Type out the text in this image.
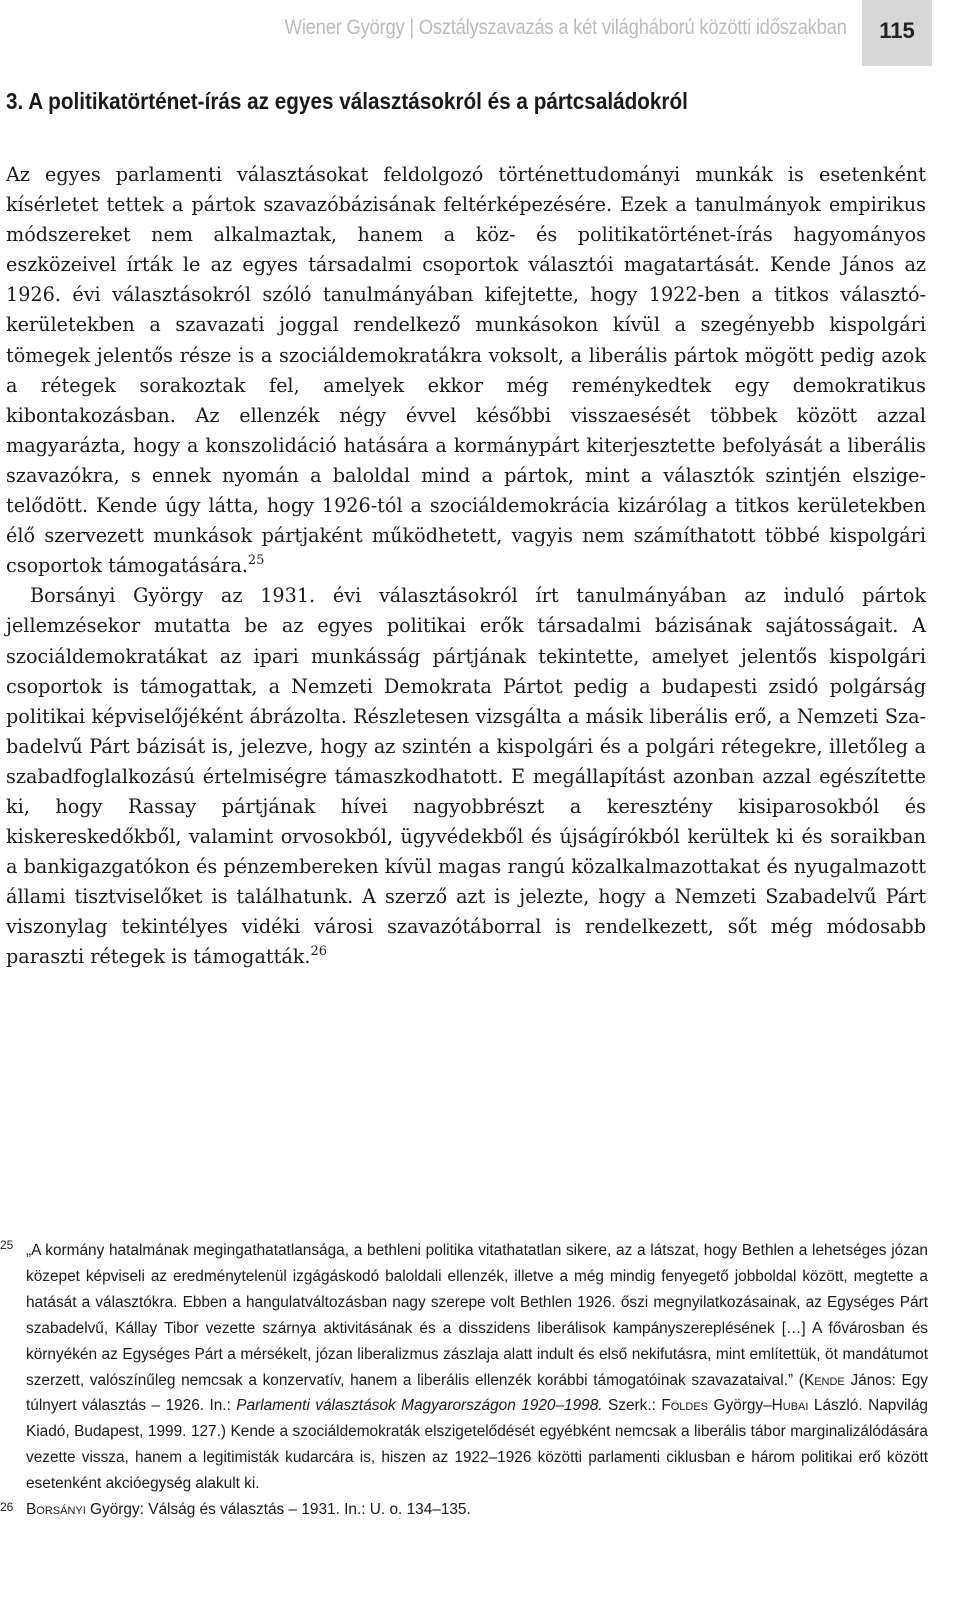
Wiener György | Osztályszavazás a két világháború közötti időszakban	115
3. A politikatörténet-írás az egyes választásokról és a pártcsaládokról

Az egyes parlamenti választásokat feldolgozó történettudományi munkák is esetenként kísérletet tettek a pártok szavazóbázisának feltérképezésére. Ezek a tanulmányok empirikus módszereket nem alkalmaztak, hanem a köz- és politikatörténet-írás hagyományos eszközeivel írták le az egyes társadalmi csoportok választói magatartását. Kende János az 1926. évi választásokról szóló tanulmányában kifejtette, hogy 1922-ben a titkos választókerületekben a szavazati joggal rendelkező munkásokon kívül a szegényebb kispolgári tömegek jelentős része is a szociáldemokratákra voksolt, a liberális pártok mögött pedig azok a rétegek sorakoztak fel, amelyek ekkor még reménykedtek egy demokratikus kibontakozásban. Az ellenzék négy évvel későbbi visszaesését többek között azzal magyarázta, hogy a konszolidáció hatására a kormánypárt kiterjesztette befolyását a liberális szavazókra, s ennek nyomán a baloldal mind a pártok, mint a választók szintjén elszigetelődött. Kende úgy látta, hogy 1926-tól a szociáldemokrácia kizárólag a titkos kerületekben élő szervezett munkások pártjaként működhetett, vagyis nem számíthatott többé kispolgári csoportok támogatására.$^{25}$

Borsányi György az 1931. évi választásokról írt tanulmányában az induló pártok jellemzésekor mutatta be az egyes politikai erők társadalmi bázisának sajátosságait. A szociáldemokratákat az ipari munkásság pártjának tekintette, amelyet jelentős kispolgári csoportok is támogattak, a Nemzeti Demokrata Pártot pedig a budapesti zsidó polgárság politikai képviselőjéként ábrázolta. Részletesen vizsgálta a másik liberális erő, a Nemzeti Szabadelvű Párt bázisát is, jelezve, hogy az szintén a kispolgári és a polgári rétegekre, illetőleg a szabadfoglalkozású értelmiségre támaszkodhatott. E megállapítást azonban azzal egészítette ki, hogy Rassay pártjának hívei nagyobbrészt a keresztény kisiparosokból és kiskereskedőkből, valamint orvosokból, ügyvédekből és újságírókból kerültek ki és soraikban a bankigazgatókon és pénzembereken kívül magas rangú közalkalmazottakat és nyugalmazott állami tisztviselőket is találhatunk. A szerző azt is jelezte, hogy a Nemzeti Szabadelvű Párt viszonylag tekintélyes vidéki városi szavazótáborral is rendelkezett, sőt még módosabb paraszti rétegek is támogatták.$^{26}$

25 „A kormány hatalmának megingathatatlansága, a bethleni politika vitathatatlan sikere, az a látszat, hogy Bethlen a lehetséges józan közepet képviseli az eredménytelenül izgágáskodó baloldali ellenzék, illetve a még mindig fenyegető jobboldal között, megtette a hatását a választókra. Ebben a hangulatváltozásban nagy szerepe volt Bethlen 1926. őszi megnyilatkozásainak, az Egységes Párt szabadelvű, Kállay Tibor vezette szárnya aktivitásának és a disszidens liberálisok kampányszereplésének […] A fővárosban és környékén az Egységes Párt a mérsékelt, józan liberalizmus zászlaja alatt indult és első nekifutásra, mint említettük, öt mandátumot szerzett, valószínűleg nemcsak a konzervatív, hanem a liberális ellenzék korábbi támogatóinak szavazataival.” (Kende János: Egy túlnyert választás – 1926. In.: Parlamenti választások Magyarországon 1920–1998. Szerk.: Földes György–Hubai László. Napvilág Kiadó, Budapest, 1999. 127.) Kende a szociáldemokraták elszigetelődését egyébként nemcsak a liberális tábor marginalizálódására vezette vissza, hanem a legitimisták kudarcára is, hiszen az 1922–1926 közötti parlamenti ciklusban e három politikai erő között esetenként akcióegység alakult ki.

26 Borsányi György: Válság és választás – 1931. In.: U. o. 134–135.
